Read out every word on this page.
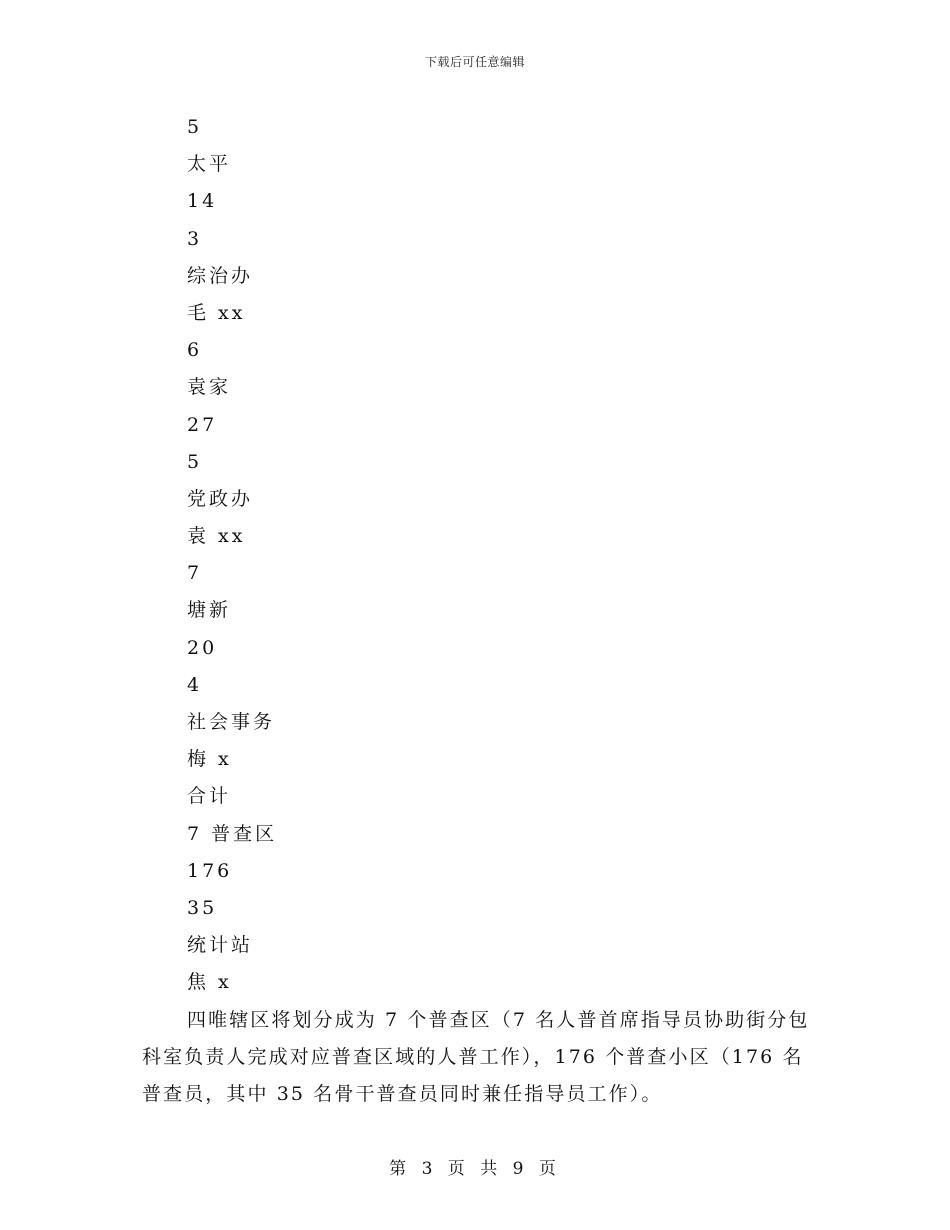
下载后可任意编辑
5
太平
14
3
综治办
毛 xx
6
袁家
27
5
党政办
袁 xx
7
塘新
20
4
社会事务
梅 x
合计
7 普查区
176
35
统计站
焦 x

四唯辖区将划分成为 7 个普查区（7 名人普首席指导员协助街分包科室负责人完成对应普查区域的人普工作），176 个普查小区（176 名普查员，其中 35 名骨干普查员同时兼任指导员工作）。

第 3 页 共 9 页
